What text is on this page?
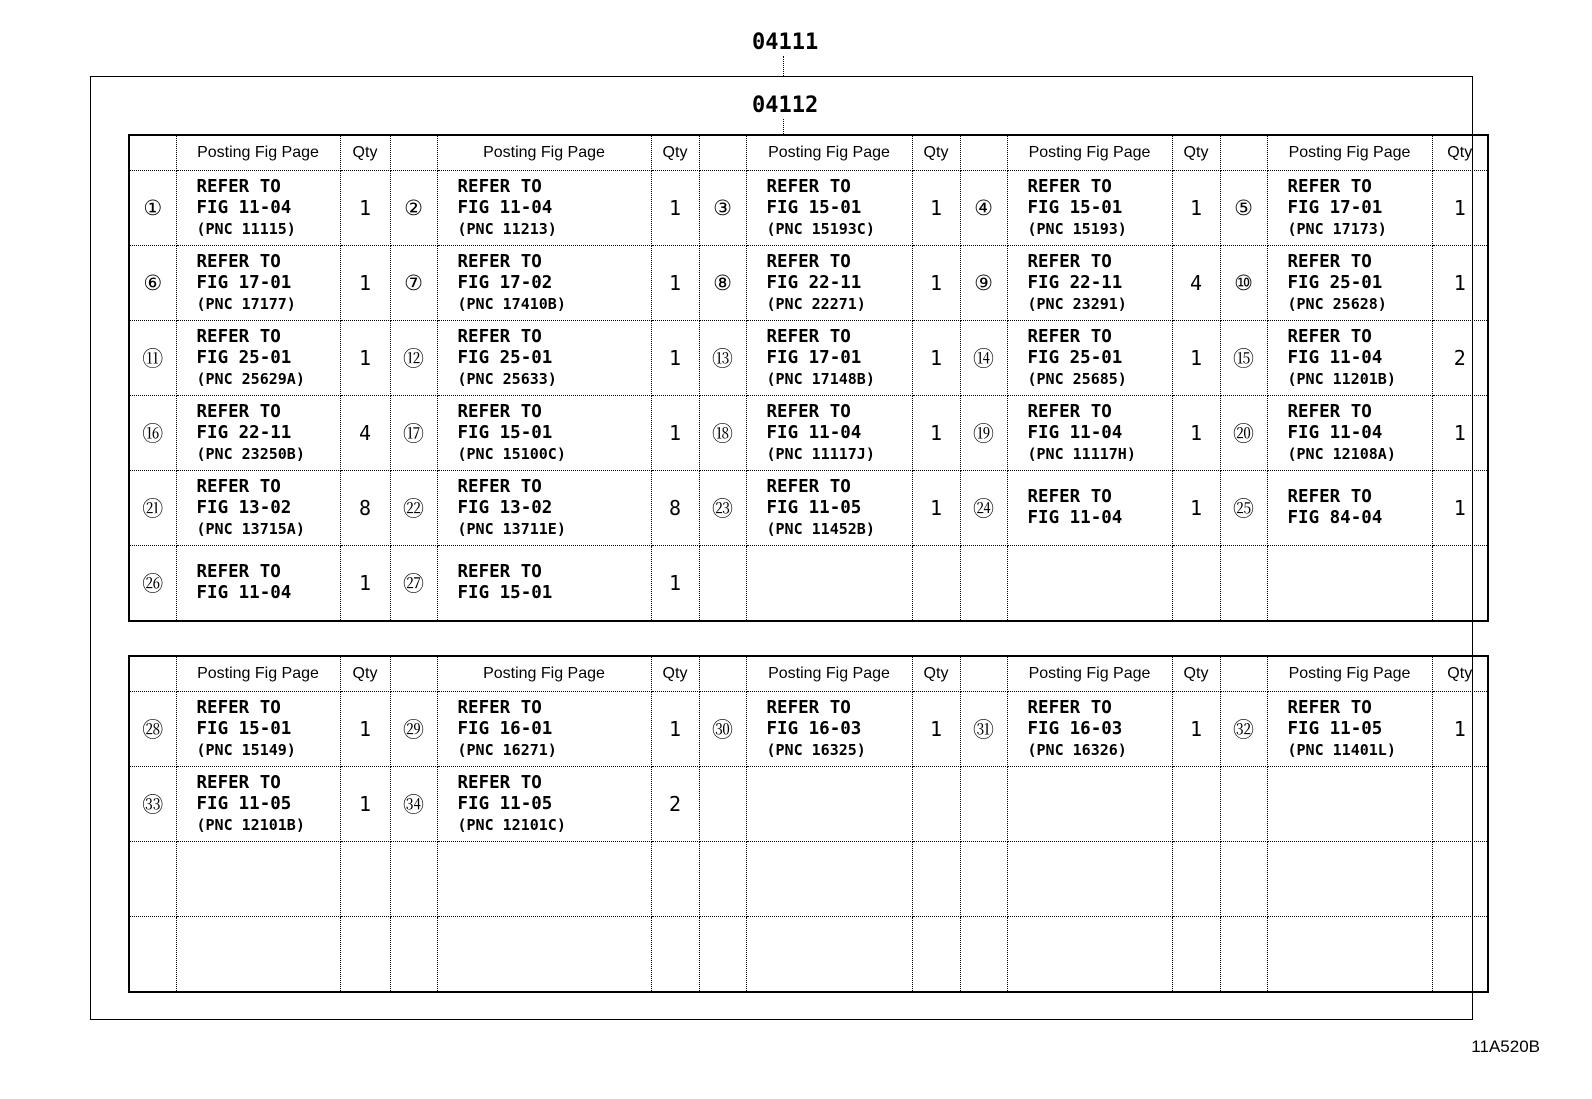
04111
04112
	Posting Fig Page	Qty		Posting Fig Page	Qty		Posting Fig Page	Qty		Posting Fig Page	Qty		Posting Fig Page	Qty
①	REFER TO
FIG 11-04
(PNC 11115)	1	②	REFER TO
FIG 11-04
(PNC 11213)	1	③	REFER TO
FIG 15-01
(PNC 15193C)	1	④	REFER TO
FIG 15-01
(PNC 15193)	1	⑤	REFER TO
FIG 17-01
(PNC 17173)	1
⑥	REFER TO
FIG 17-01
(PNC 17177)	1	⑦	REFER TO
FIG 17-02
(PNC 17410B)	1	⑧	REFER TO
FIG 22-11
(PNC 22271)	1	⑨	REFER TO
FIG 22-11
(PNC 23291)	4	⑩	REFER TO
FIG 25-01
(PNC 25628)	1
⑪	REFER TO
FIG 25-01
(PNC 25629A)	1	⑫	REFER TO
FIG 25-01
(PNC 25633)	1	⑬	REFER TO
FIG 17-01
(PNC 17148B)	1	⑭	REFER TO
FIG 25-01
(PNC 25685)	1	⑮	REFER TO
FIG 11-04
(PNC 11201B)	2
⑯	REFER TO
FIG 22-11
(PNC 23250B)	4	⑰	REFER TO
FIG 15-01
(PNC 15100C)	1	⑱	REFER TO
FIG 11-04
(PNC 11117J)	1	⑲	REFER TO
FIG 11-04
(PNC 11117H)	1	⑳	REFER TO
FIG 11-04
(PNC 12108A)	1
㉑	REFER TO
FIG 13-02
(PNC 13715A)	8	㉒	REFER TO
FIG 13-02
(PNC 13711E)	8	㉓	REFER TO
FIG 11-05
(PNC 11452B)	1	㉔	REFER TO
FIG 11-04	1	㉕	REFER TO
FIG 84-04	1
㉖	REFER TO
FIG 11-04	1	㉗	REFER TO
FIG 15-01	1		

	Posting Fig Page	Qty		Posting Fig Page	Qty		Posting Fig Page	Qty		Posting Fig Page	Qty		Posting Fig Page	Qty
㉘	REFER TO
FIG 15-01
(PNC 15149)	1	㉙	REFER TO
FIG 16-01
(PNC 16271)	1	㉚	REFER TO
FIG 16-03
(PNC 16325)	1	㉛	REFER TO
FIG 16-03
(PNC 16326)	1	㉜	REFER TO
FIG 11-05
(PNC 11401L)	1
㉝	REFER TO
FIG 11-05
(PNC 12101B)	1	㉞	REFER TO
FIG 11-05
(PNC 12101C)	2		

11A520B
